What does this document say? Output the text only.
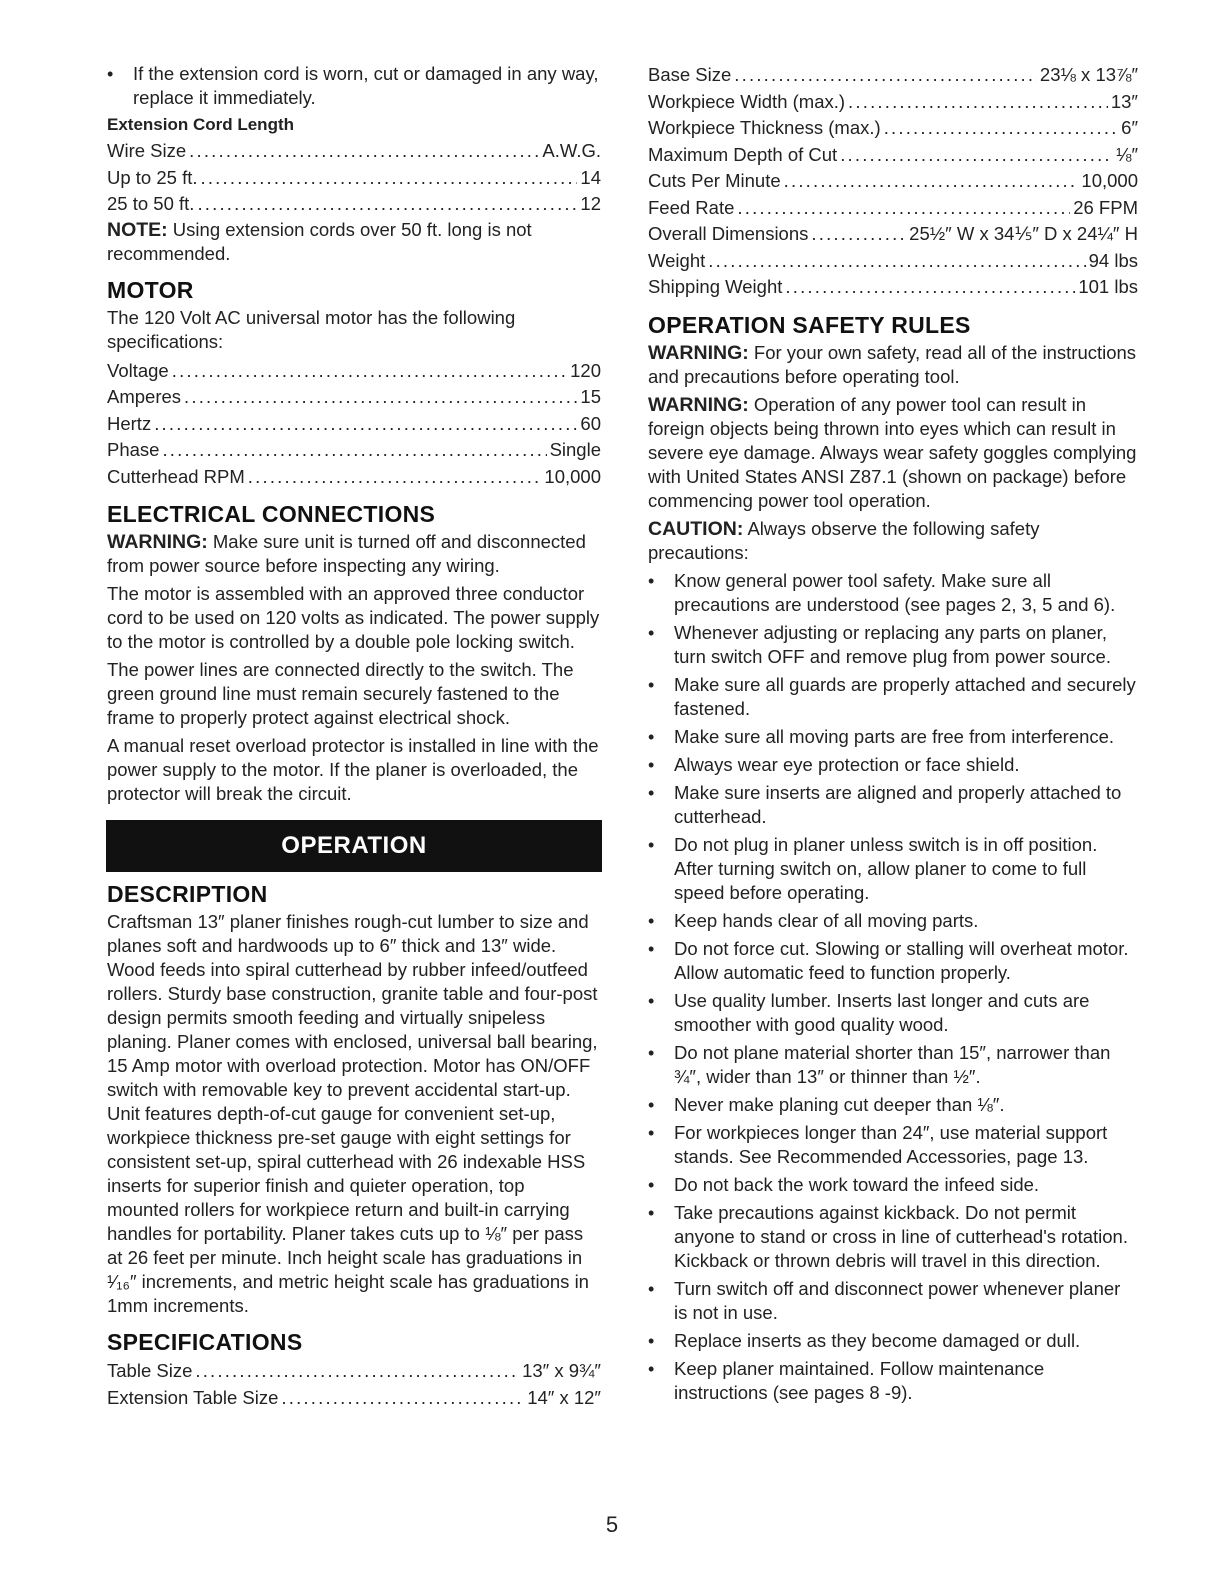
• If the extension cord is worn, cut or damaged in any way, replace it immediately.
Extension Cord Length
Wire Size .....	A.W.G.
Up to 25 ft. .....	14
25 to 50 ft. .....	12

NOTE: Using extension cords over 50 ft. long is not recommended.

MOTOR

The 120 Volt AC universal motor has the following specifications:

Voltage .....	120
Amperes .....	15
Hertz .....	60
Phase .....	Single
Cutterhead RPM .....	10,000
ELECTRICAL CONNECTIONS

WARNING: Make sure unit is turned off and disconnected from power source before inspecting any wiring.

The motor is assembled with an approved three conductor cord to be used on 120 volts as indicated. The power supply to the motor is controlled by a double pole locking switch.

The power lines are connected directly to the switch. The green ground line must remain securely fastened to the frame to properly protect against electrical shock.

A manual reset overload protector is installed in line with the power supply to the motor. If the planer is overloaded, the protector will break the circuit.

OPERATION
DESCRIPTION

Craftsman 13″ planer finishes rough-cut lumber to size and planes soft and hardwoods up to 6″ thick and 13″ wide. Wood feeds into spiral cutterhead by rubber infeed/outfeed rollers. Sturdy base construction, granite table and four-post design permits smooth feeding and virtually snipeless planing. Planer comes with enclosed, universal ball bearing, 15 Amp motor with overload protection. Motor has ON/OFF switch with removable key to prevent accidental start-up. Unit features depth-of-cut gauge for convenient set-up, workpiece thickness pre-set gauge with eight settings for consistent set-up, spiral cutterhead with 26 indexable HSS inserts for superior finish and quieter operation, top mounted rollers for workpiece return and built-in carrying handles for portability. Planer takes cuts up to ⅛″ per pass at 26 feet per minute. Inch height scale has graduations in ¹⁄₁₆″ increments, and metric height scale has graduations in 1mm increments.

SPECIFICATIONS
Table Size .....	13″ x 9¾″
Extension Table Size .....	14″ x 12″
Base Size .....	23⅛ x 13⅞″
Workpiece Width (max.) .....	13″
Workpiece Thickness (max.) .....	6″
Maximum Depth of Cut .....	⅛″
Cuts Per Minute .....	10,000
Feed Rate .....	26 FPM
Overall Dimensions .....	25½″ W x 34⅕″ D x 24¼″ H
Weight .....	94 lbs
Shipping Weight .....	101 lbs
OPERATION SAFETY RULES

WARNING: For your own safety, read all of the instructions and precautions before operating tool.

WARNING: Operation of any power tool can result in foreign objects being thrown into eyes which can result in severe eye damage. Always wear safety goggles complying with United States ANSI Z87.1 (shown on package) before commencing power tool operation.

CAUTION: Always observe the following safety precautions:

• Know general power tool safety. Make sure all precautions are understood (see pages 2, 3, 5 and 6).
• Whenever adjusting or replacing any parts on planer, turn switch OFF and remove plug from power source.
• Make sure all guards are properly attached and securely fastened.
• Make sure all moving parts are free from interference.
• Always wear eye protection or face shield.
• Make sure inserts are aligned and properly attached to cutterhead.
• Do not plug in planer unless switch is in off position. After turning switch on, allow planer to come to full speed before operating.
• Keep hands clear of all moving parts.
• Do not force cut. Slowing or stalling will overheat motor. Allow automatic feed to function properly.
• Use quality lumber. Inserts last longer and cuts are smoother with good quality wood.
• Do not plane material shorter than 15″, narrower than ¾″, wider than 13″ or thinner than ½″.
• Never make planing cut deeper than ⅛″.
• For workpieces longer than 24″, use material support stands. See Recommended Accessories, page 13.
• Do not back the work toward the infeed side.
• Take precautions against kickback. Do not permit anyone to stand or cross in line of cutterhead's rotation. Kickback or thrown debris will travel in this direction.
• Turn switch off and disconnect power whenever planer is not in use.
• Replace inserts as they become damaged or dull.
• Keep planer maintained. Follow maintenance instructions (see pages 8 -9).
5
